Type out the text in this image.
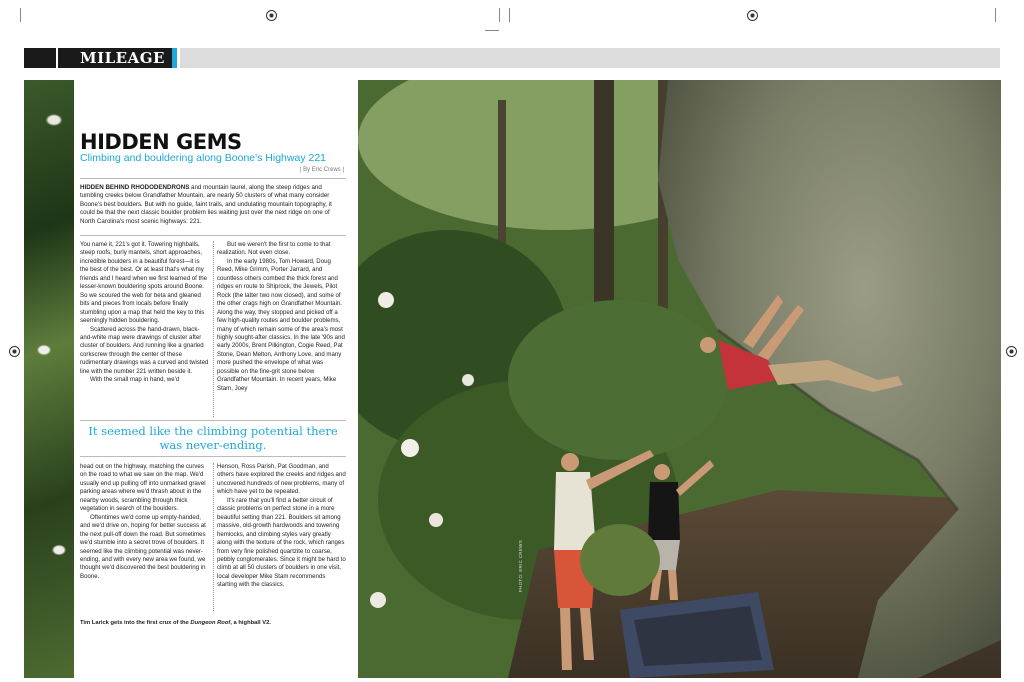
MILEAGE
HIDDEN GEMS

Climbing and bouldering along Boone's Highway 221

| By Eric Crews |

HIDDEN BEHIND RHODODENDRONS and mountain laurel, along the steep ridges and tumbling creeks below Grandfather Mountain, are nearly 50 clusters of what many consider Boone's best boulders. But with no guide, faint trails, and undulating mountain topography, it could be that the next classic boulder problem lies waiting just over the next ridge on one of North Carolina's most scenic highways: 221.

You name it, 221's got it. Towering highballs, steep roofs, burly mantels, short approaches, incredible boulders in a beautiful forest—it is the best of the best. Or at least that's what my friends and I heard when we first learned of the lesser-known bouldering spots around Boone. So we scoured the web for beta and gleaned bits and pieces from locals before finally stumbling upon a map that held the key to this seemingly hidden bouldering.

Scattered across the hand-drawn, black-and-white map were drawings of cluster after cluster of boulders. And running like a gnarled corkscrew through the center of these rudimentary drawings was a curved and twisted line with the number 221 written beside it.

With the small map in hand, we'd

But we weren't the first to come to that realization. Not even close.

In the early 1980s, Tom Howard, Doug Reed, Mike Grimm, Porter Jarrard, and countless others combed the thick forest and ridges en route to Shiprock, the Jewels, Pilot Rock (the latter two now closed), and some of the other crags high on Grandfather Mountain. Along the way, they stopped and picked off a few high-quality routes and boulder problems, many of which remain some of the area's most highly sought-after classics. In the late '90s and early 2000s, Brent Pilkington, Cogie Reed, Pat Stone, Dean Melton, Anthony Love, and many more pushed the envelope of what was possible on the fine-grit stone below Grandfather Mountain. In recent years, Mike Stam, Joey

It seemed like the climbing potential there was never-ending.

head out on the highway, matching the curves on the road to what we saw on the map. We'd usually end up pulling off into unmarked gravel parking areas where we'd thrash about in the nearby woods, scrambling through thick vegetation in search of the boulders.

Oftentimes we'd come up empty-handed, and we'd drive on, hoping for better success at the next pull-off down the road. But sometimes we'd stumble into a secret trove of boulders. It seemed like the climbing potential was never-ending, and with every new area we found, we thought we'd discovered the best bouldering in Boone.

Henson, Ross Parish, Pat Goodman, and others have explored the creeks and ridges and uncovered hundreds of new problems, many of which have yet to be repeated.

It's rare that you'll find a better circuit of classic problems on perfect stone in a more beautiful setting than 221. Boulders sit among massive, old-growth hardwoods and towering hemlocks, and climbing styles vary greatly along with the texture of the rock, which ranges from very fine polished quartzite to coarse, pebbly conglomerates. Since it might be hard to climb at all 50 clusters of boulders in one visit, local developer Mike Stam recommends starting with the classics.

Tim Larick gets into the first crux of the Dungeon Roof, a highball V2.

PHOTO: ERIC CREWS
